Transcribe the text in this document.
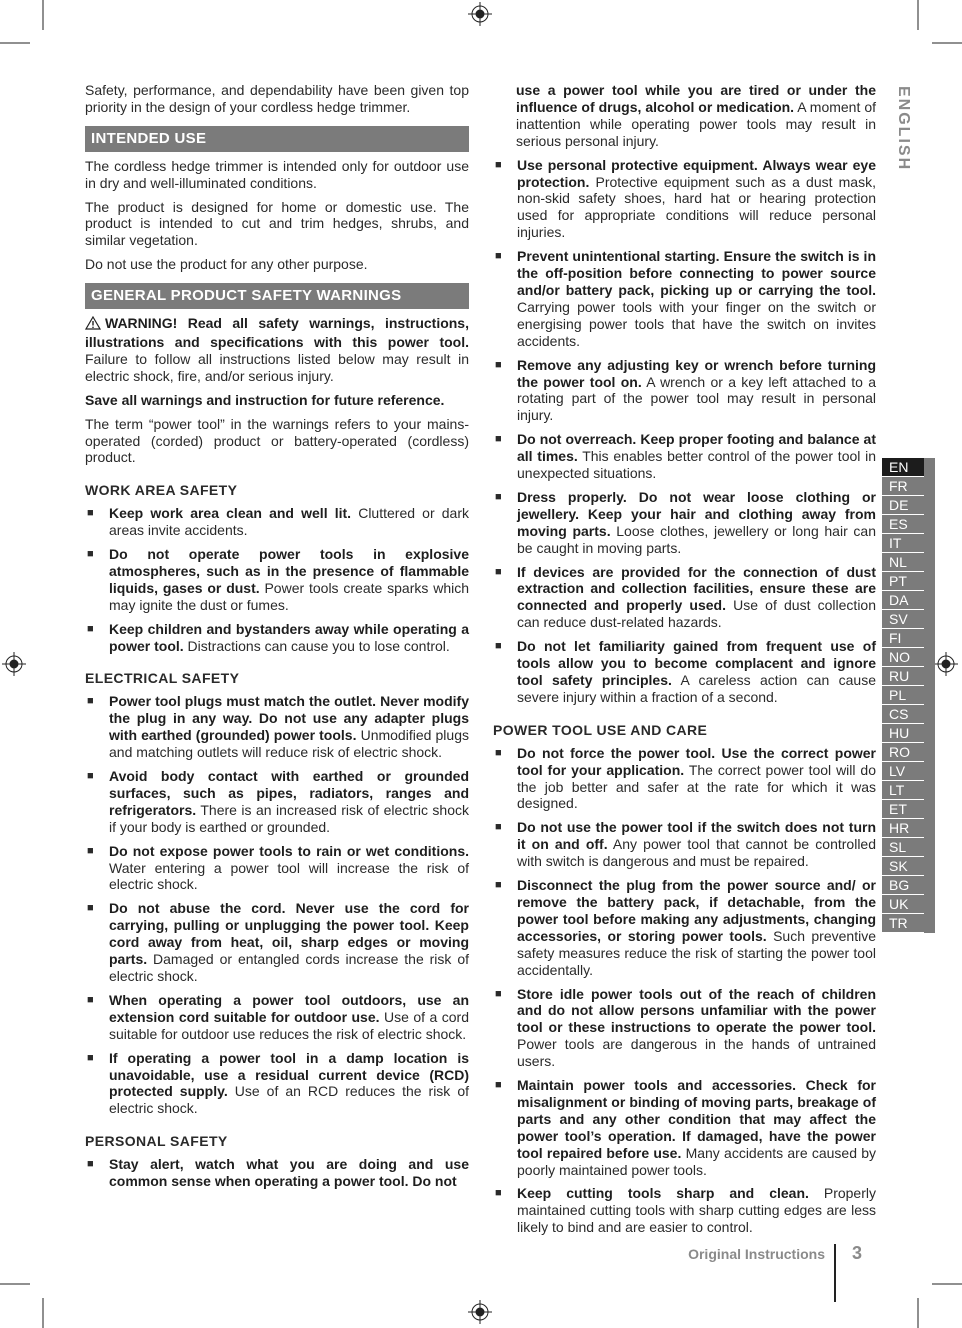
Safety, performance, and dependability have been given top priority in the design of your cordless hedge trimmer.
INTENDED USE
The cordless hedge trimmer is intended only for outdoor use in dry and well-illuminated conditions.
The product is designed for home or domestic use. The product is intended to cut and trim hedges, shrubs, and similar vegetation.
Do not use the product for any other purpose.
GENERAL PRODUCT SAFETY WARNINGS
WARNING! Read all safety warnings, instructions, illustrations and specifications with this power tool. Failure to follow all instructions listed below may result in electric shock, fire, and/or serious injury.
Save all warnings and instruction for future reference.
The term “power tool” in the warnings refers to your mains-operated (corded) product or battery-operated (cordless) product.
WORK AREA SAFETY
■ Keep work area clean and well lit. Cluttered or dark areas invite accidents.
■ Do not operate power tools in explosive atmospheres, such as in the presence of flammable liquids, gases or dust. Power tools create sparks which may ignite the dust or fumes.
■ Keep children and bystanders away while operating a power tool. Distractions can cause you to lose control.
ELECTRICAL SAFETY
■ Power tool plugs must match the outlet. Never modify the plug in any way. Do not use any adapter plugs with earthed (grounded) power tools. Unmodified plugs and matching outlets will reduce risk of electric shock.
■ Avoid body contact with earthed or grounded surfaces, such as pipes, radiators, ranges and refrigerators. There is an increased risk of electric shock if your body is earthed or grounded.
■ Do not expose power tools to rain or wet conditions. Water entering a power tool will increase the risk of electric shock.
■ Do not abuse the cord. Never use the cord for carrying, pulling or unplugging the power tool. Keep cord away from heat, oil, sharp edges or moving parts. Damaged or entangled cords increase the risk of electric shock.
■ When operating a power tool outdoors, use an extension cord suitable for outdoor use. Use of a cord suitable for outdoor use reduces the risk of electric shock.
■ If operating a power tool in a damp location is unavoidable, use a residual current device (RCD) protected supply. Use of an RCD reduces the risk of electric shock.
PERSONAL SAFETY
■ Stay alert, watch what you are doing and use common sense when operating a power tool. Do not
use a power tool while you are tired or under the influence of drugs, alcohol or medication. A moment of inattention while operating power tools may result in serious personal injury.
■ Use personal protective equipment. Always wear eye protection. Protective equipment such as a dust mask, non-skid safety shoes, hard hat or hearing protection used for appropriate conditions will reduce personal injuries.
■ Prevent unintentional starting. Ensure the switch is in the off-position before connecting to power source and/or battery pack, picking up or carrying the tool. Carrying power tools with your finger on the switch or energising power tools that have the switch on invites accidents.
■ Remove any adjusting key or wrench before turning the power tool on. A wrench or a key left attached to a rotating part of the power tool may result in personal injury.
■ Do not overreach. Keep proper footing and balance at all times. This enables better control of the power tool in unexpected situations.
■ Dress properly. Do not wear loose clothing or jewellery. Keep your hair and clothing away from moving parts. Loose clothes, jewellery or long hair can be caught in moving parts.
■ If devices are provided for the connection of dust extraction and collection facilities, ensure these are connected and properly used. Use of dust collection can reduce dust-related hazards.
■ Do not let familiarity gained from frequent use of tools allow you to become complacent and ignore tool safety principles. A careless action can cause severe injury within a fraction of a second.
POWER TOOL USE AND CARE
■ Do not force the power tool. Use the correct power tool for your application. The correct power tool will do the job better and safer at the rate for which it was designed.
■ Do not use the power tool if the switch does not turn it on and off. Any power tool that cannot be controlled with switch is dangerous and must be repaired.
■ Disconnect the plug from the power source and/ or remove the battery pack, if detachable, from the power tool before making any adjustments, changing accessories, or storing power tools. Such preventive safety measures reduce the risk of starting the power tool accidentally.
■ Store idle power tools out of the reach of children and do not allow persons unfamiliar with the power tool or these instructions to operate the power tool. Power tools are dangerous in the hands of untrained users.
■ Maintain power tools and accessories. Check for misalignment or binding of moving parts, breakage of parts and any other condition that may affect the power tool’s operation. If damaged, have the power tool repaired before use. Many accidents are caused by poorly maintained power tools.
■ Keep cutting tools sharp and clean. Properly maintained cutting tools with sharp cutting edges are less likely to bind and are easier to control.
ENGLISH
EN
FR
DE
ES
IT
NL
PT
DA
SV
FI
NO
RU
PL
CS
HU
RO
LV
LT
ET
HR
SL
SK
BG
UK
TR
Original Instructions 3
